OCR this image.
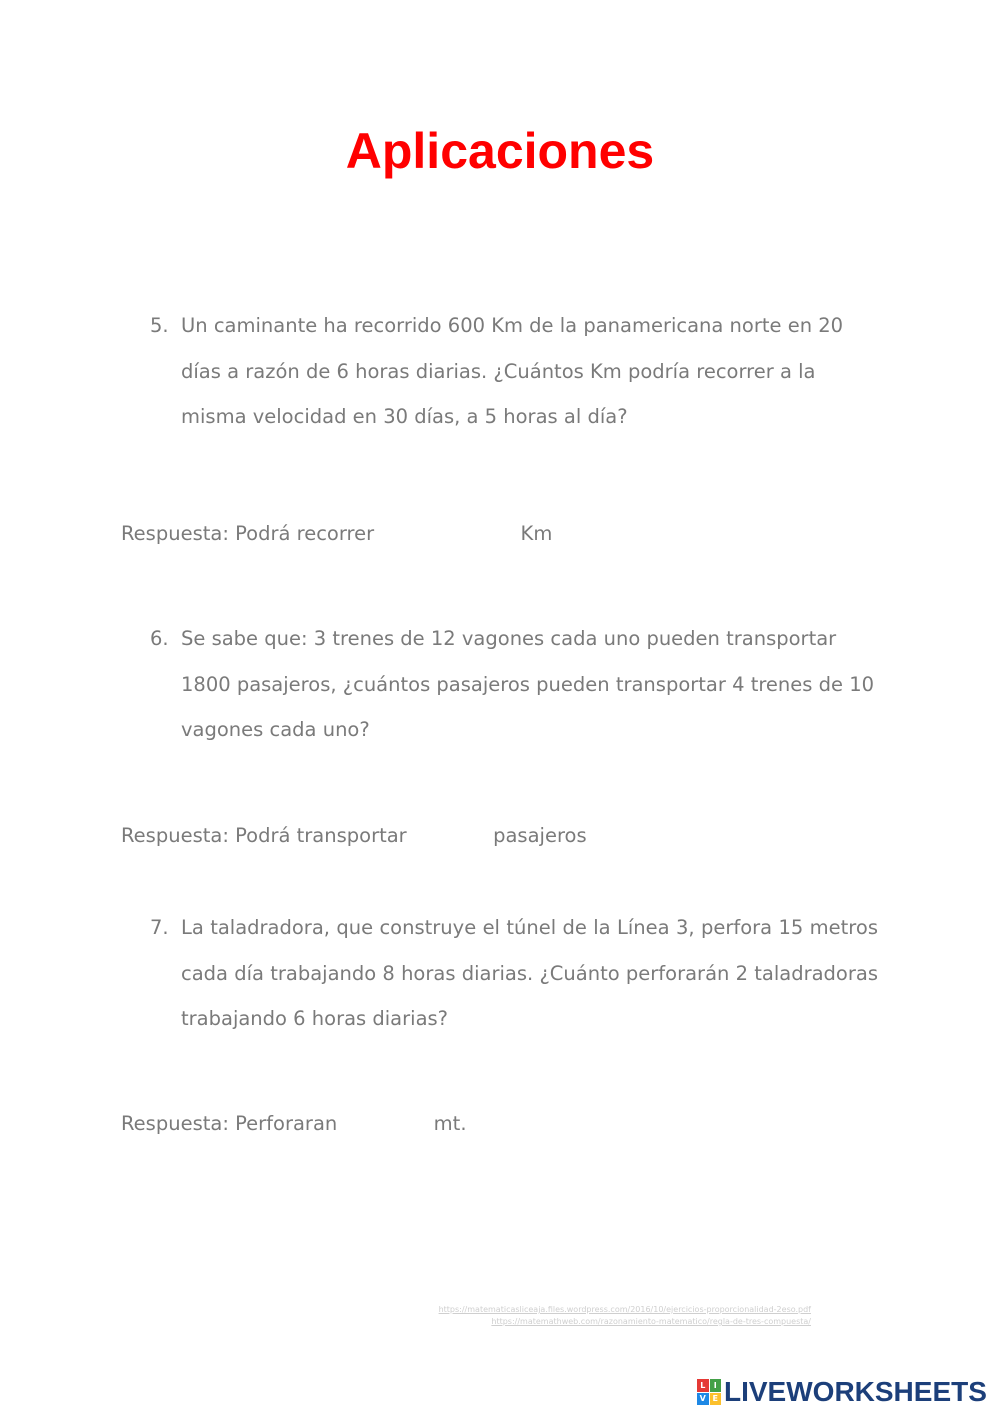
Aplicaciones
5. Un caminante ha recorrido 600 Km de la panamericana norte en 20 días a razón de 6 horas diarias. ¿Cuántos Km podría recorrer a la misma velocidad en 30 días, a 5 horas al día?
Respuesta: Podrá recorrer	Km
6. Se sabe que: 3 trenes de 12 vagones cada uno pueden transportar 1800 pasajeros, ¿cuántos pasajeros pueden transportar 4 trenes de 10 vagones cada uno?
Respuesta: Podrá transportar	pasajeros
7. La taladradora, que construye el túnel de la Línea 3, perfora 15 metros cada día trabajando 8 horas diarias. ¿Cuánto perforarán 2 taladradoras trabajando 6 horas diarias?
Respuesta: Perforaran	mt.
https://matematicasliceaja.files.wordpress.com/2016/10/ejercicios-proporcionalidad-2eso.pdf
https://matemathweb.com/razonamiento-matematico/regla-de-tres-compuesta/
L	I
V E LIVEWORKSHEETS
